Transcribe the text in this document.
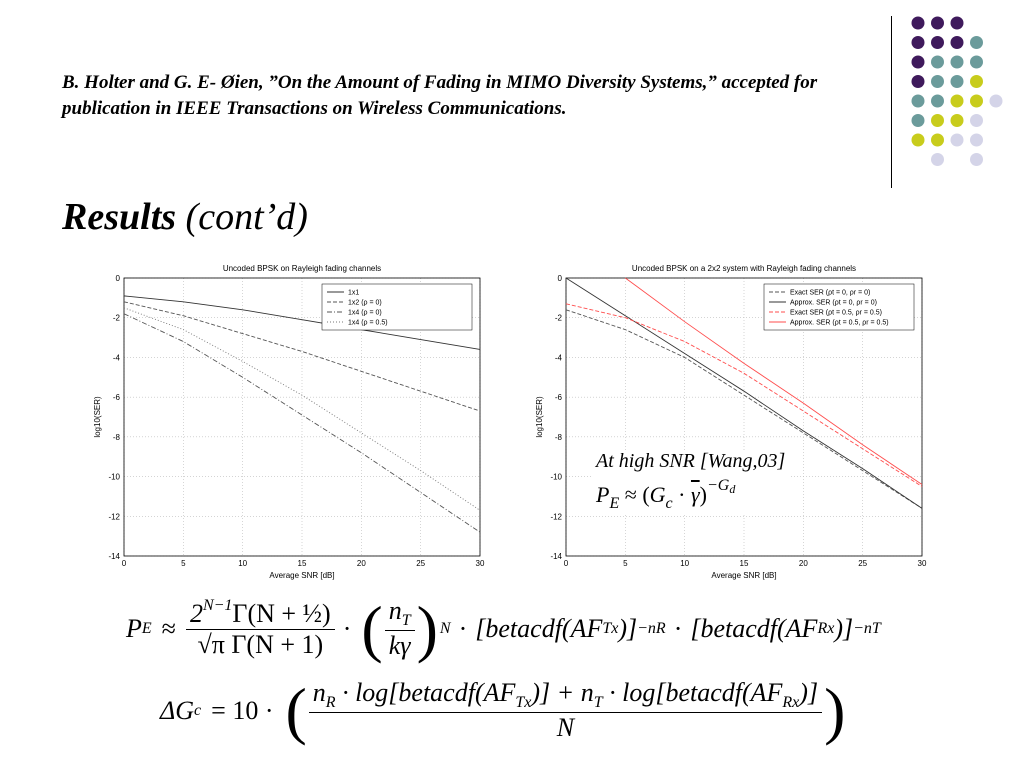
B. Holter and G. E- Øien, ”On the Amount of Fading in MIMO Diversity Systems,” accepted for publication in IEEE Transactions on Wireless Communications.
Results (cont’d)
Uncoded BPSK on Rayleigh fading channels
0	5	10	15	20	25	30
0
-2
-4
-6
-8
-10
-12
-14
Average SNR [dB]
log10(SER)
1x1
1x2 (ρ = 0)
1x4 (ρ = 0)
1x4 (ρ = 0.5)
Uncoded BPSK on a 2x2 system with Rayleigh fading channels
0	5	10	15	20	25	30
0
-2
-4
-6
-8
-10
-12
-14
Average SNR [dB]
log10(SER)
Exact SER (ρt = 0, ρr = 0)
Approx. SER (ρt = 0, ρr = 0)
Exact SER (ρt = 0.5, ρr = 0.5)
Approx. SER (ρt = 0.5, ρr = 0.5)
At high SNR [Wang,03]
$P_E \approx (G_c \cdot \overline{\gamma})^{-Gd}$
P $E \approx \frac{2^{N-1}\Gamma(N + \frac{1}{2})}{\text{√π Γ(N + 1)}}$ · ( $\frac{n_T}{k\gamma}$ ) N · [betacdf(AF Tx )] −nR · [betacdf(AF Rx )] −nT
ΔG c = 10 · ( $\frac{n_R \cdot \log[betacdf(AF_{Tx})] + n_T \cdot \log[betacdf(AF_{Rx})]}{N}$ )
